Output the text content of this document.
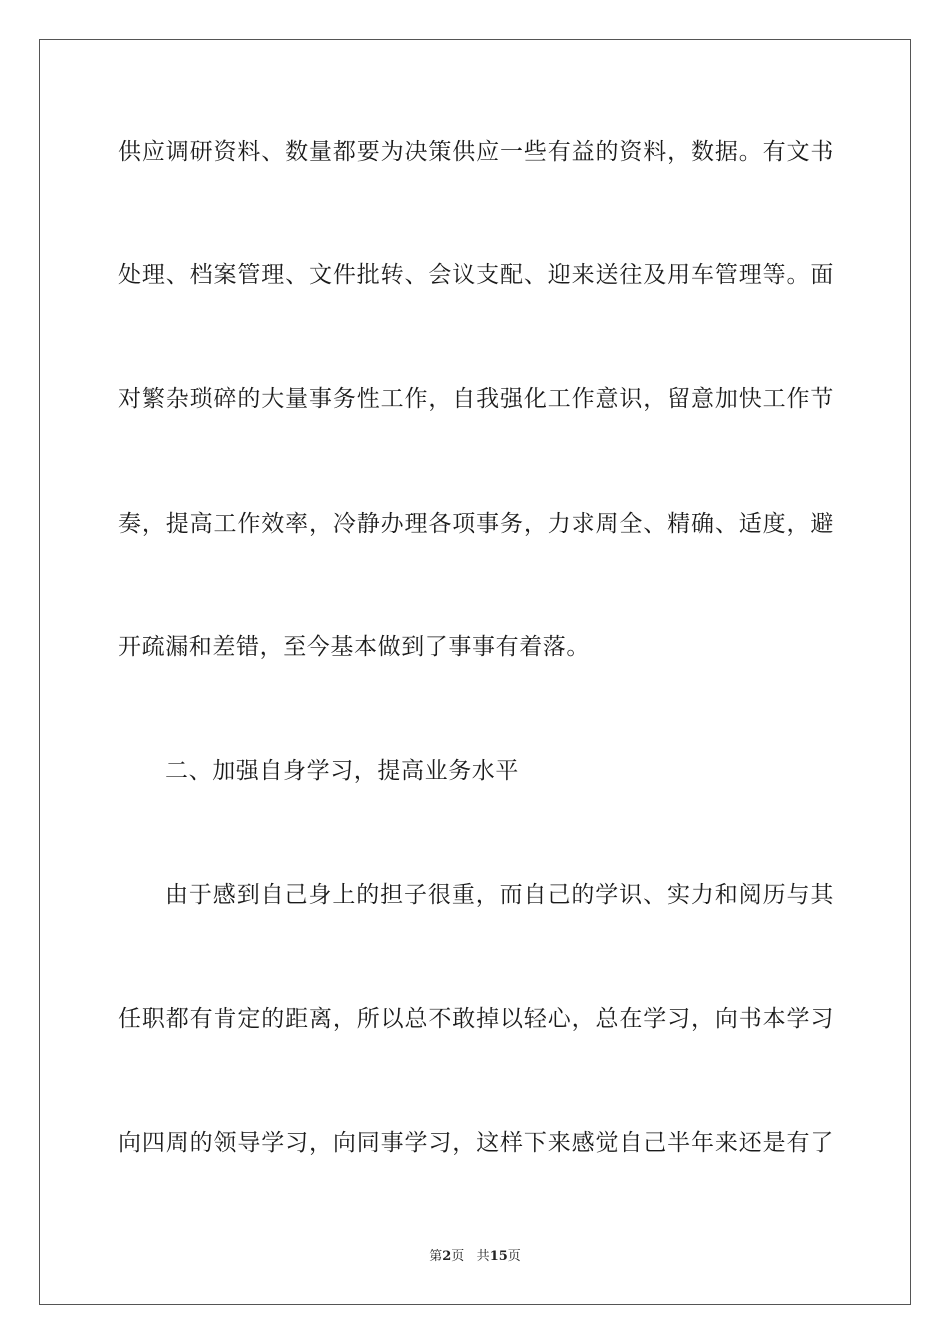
供应调研资料、数量都要为决策供应一些有益的资料，数据。有文书
处理、档案管理、文件批转、会议支配、迎来送往及用车管理等。面
对繁杂琐碎的大量事务性工作，自我强化工作意识，留意加快工作节
奏，提高工作效率，冷静办理各项事务，力求周全、精确、适度，避
开疏漏和差错，至今基本做到了事事有着落。
二、加强自身学习，提高业务水平
由于感到自己身上的担子很重，而自己的学识、实力和阅历与其
任职都有肯定的距离，所以总不敢掉以轻心，总在学习，向书本学习
向四周的领导学习，向同事学习，这样下来感觉自己半年来还是有了
第2页 共15页
